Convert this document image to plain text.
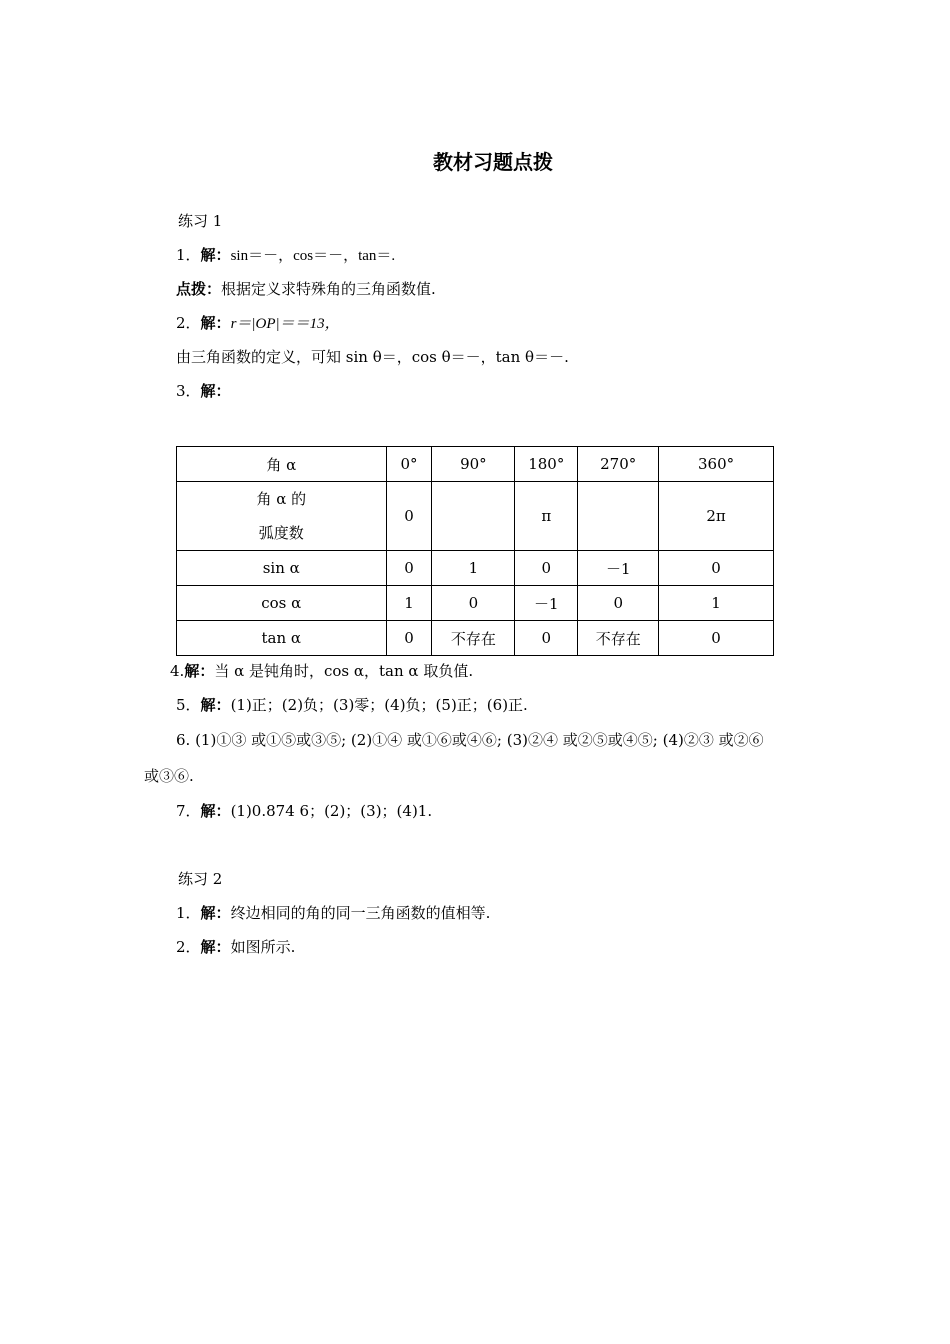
教材习题点拨
练习 1
1．解：sin＝－，cos＝－，tan＝.
点拨：根据定义求特殊角的三角函数值.
2．解：r＝|OP|＝＝13，
由三角函数的定义，可知 sin θ＝，cos θ＝－，tan θ＝－.
3．解：
角 α	0°	90°	180°	270°	360°

角 α 的
弧度数	0		π		2π
sin α	0	1	0	－1	0
cos α	1	0	－1	0	1
tan α	0	不存在	0	不存在	0
4.解：当 α 是钝角时，cos α，tan α 取负值.
5．解：(1)正；(2)负；(3)零；(4)负；(5)正；(6)正.
6. (1)①③ 或①⑤或③⑤; (2)①④ 或①⑥或④⑥; (3)②④ 或②⑤或④⑤; (4)②③ 或②⑥
或③⑥.
7．解：(1)0.874 6；(2)；(3)；(4)1.
练习 2
1．解：终边相同的角的同一三角函数的值相等.
2．解：如图所示.
